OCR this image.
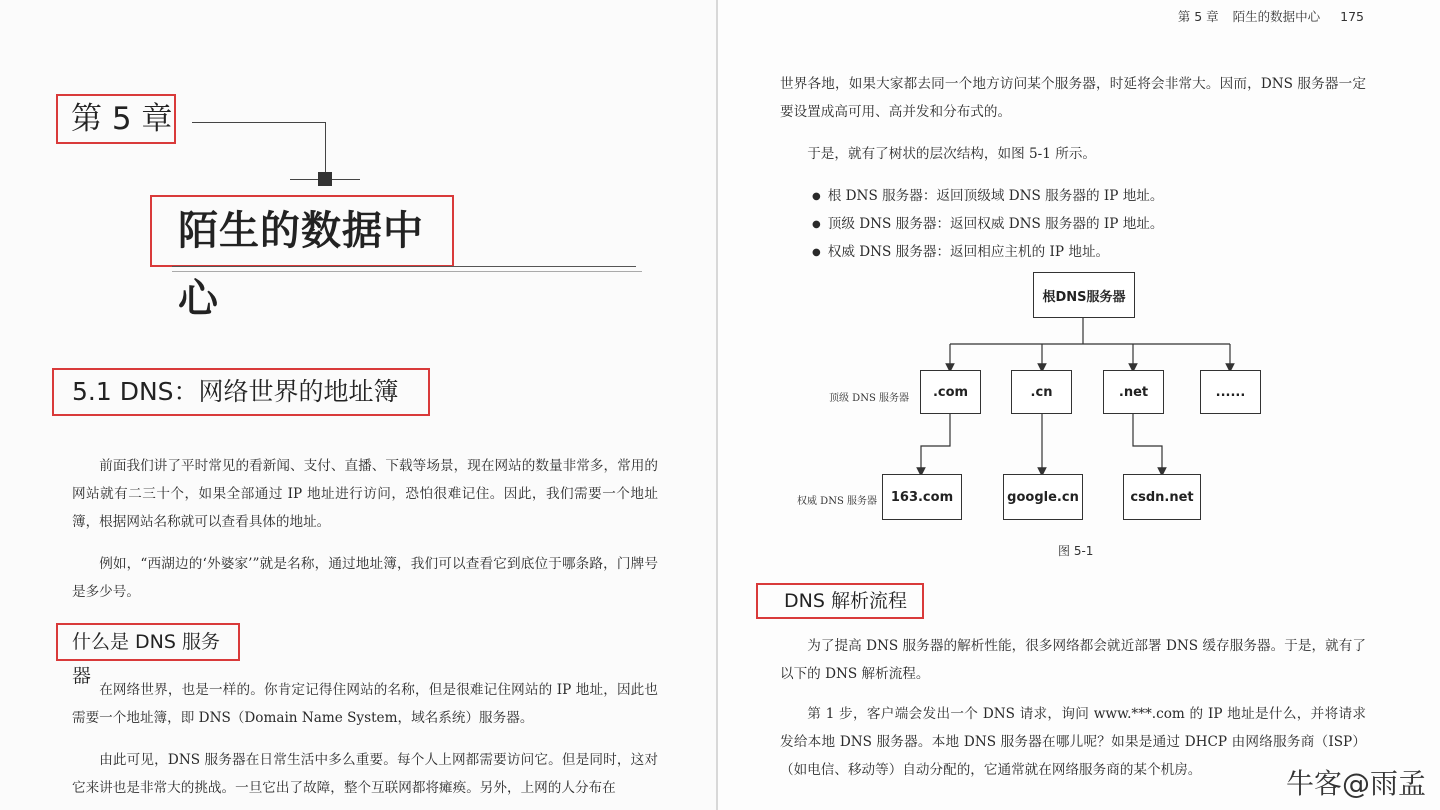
第 5 章
陌生的数据中心
5.1 DNS：网络世界的地址簿

前面我们讲了平时常见的看新闻、支付、直播、下载等场景，现在网站的数量非常多，常用的网站就有二三十个，如果全部通过 IP 地址进行访问，恐怕很难记住。因此，我们需要一个地址簿，根据网站名称就可以查看具体的地址。

例如，“西湖边的‘外婆家’”就是名称，通过地址簿，我们可以查看它到底位于哪条路，门牌号是多少号。

什么是 DNS 服务器

在网络世界，也是一样的。你肯定记得住网站的名称，但是很难记住网站的 IP 地址，因此也需要一个地址簿，即 DNS（Domain Name System，域名系统）服务器。

由此可见，DNS 服务器在日常生活中多么重要。每个人上网都需要访问它。但是同时，这对它来讲也是非常大的挑战。一旦它出了故障，整个互联网都将瘫痪。另外，上网的人分布在

第 5 章 陌生的数据中心 175

世界各地，如果大家都去同一个地方访问某个服务器，时延将会非常大。因而，DNS 服务器一定要设置成高可用、高并发和分布式的。

于是，就有了树状的层次结构，如图 5-1 所示。

● 根 DNS 服务器：返回顶级域 DNS 服务器的 IP 地址。
● 顶级 DNS 服务器：返回权威 DNS 服务器的 IP 地址。
● 权威 DNS 服务器：返回相应主机的 IP 地址。
根DNS服务器
顶级 DNS 服务器	.com	.cn	.net	......
权威 DNS 服务器	163.com	google.cn	csdn.net
图 5-1
DNS 解析流程

为了提高 DNS 服务器的解析性能，很多网络都会就近部署 DNS 缓存服务器。于是，就有了以下的 DNS 解析流程。

第 1 步，客户端会发出一个 DNS 请求，询问 www.***.com 的 IP 地址是什么，并将请求发给本地 DNS 服务器。本地 DNS 服务器在哪儿呢？如果是通过 DHCP 由网络服务商（ISP）（如电信、移动等）自动分配的，它通常就在网络服务商的某个机房。	牛客@雨孟
